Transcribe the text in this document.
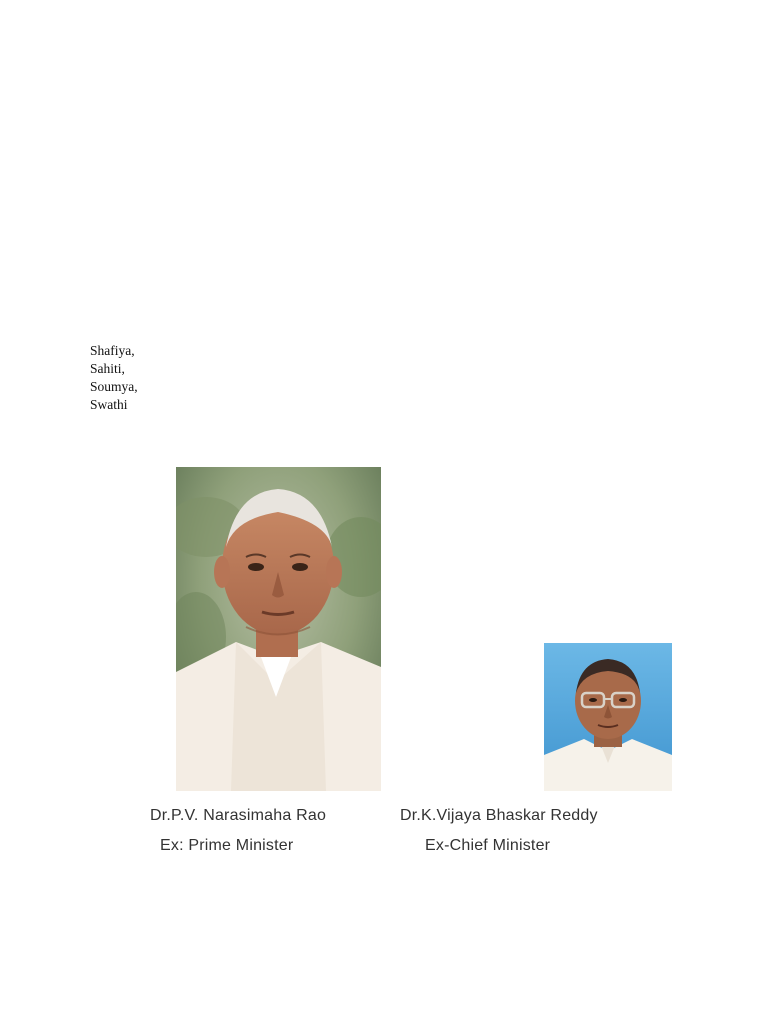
Shafiya,
Sahiti,
Soumya,
Swathi
Dr.P.V. Narasimaha Rao
Ex: Prime Minister
Dr.K.Vijaya Bhaskar Reddy
Ex-Chief Minister
